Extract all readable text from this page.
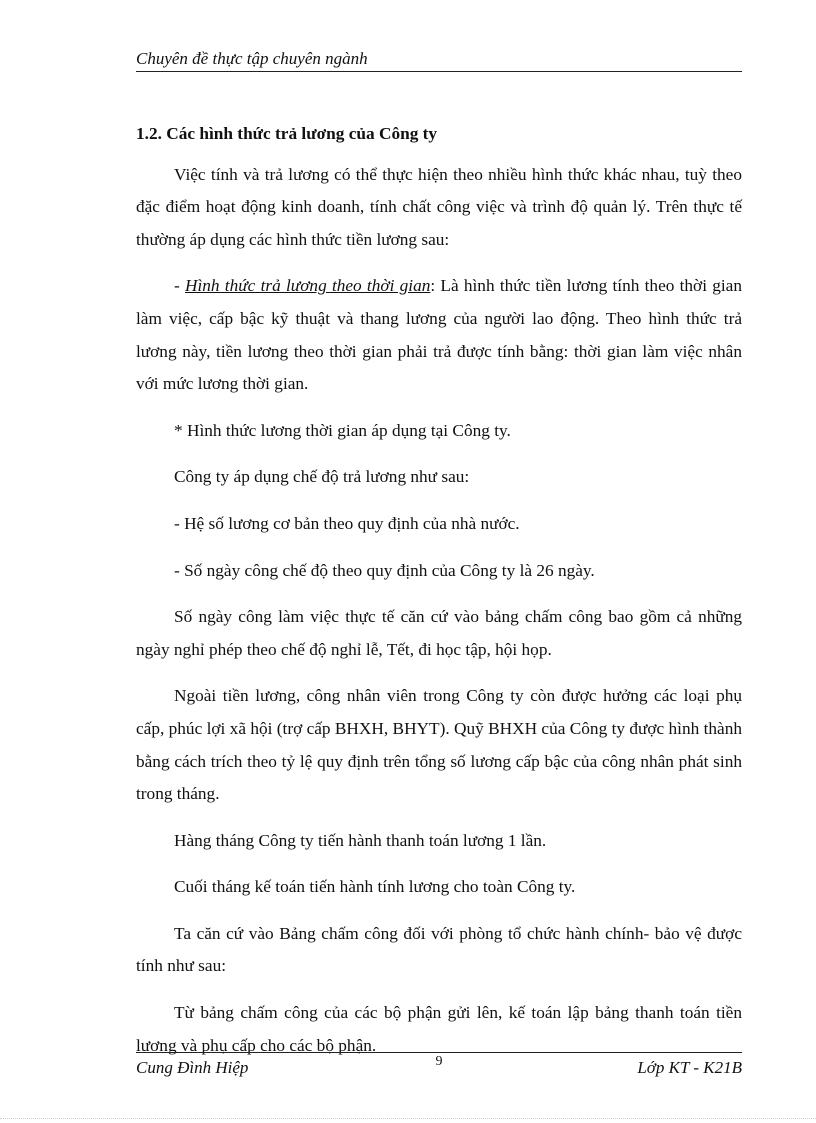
Chuyên đề thực tập chuyên ngành

1.2. Các hình thức trả lương của Công ty

Việc tính và trả lương có thể thực hiện theo nhiều hình thức khác nhau, tuỳ theo đặc điểm hoạt động kinh doanh, tính chất công việc và trình độ quản lý. Trên thực tế thường áp dụng các hình thức tiền lương sau:

- Hình thức trả lương theo thời gian: Là hình thức tiền lương tính theo thời gian làm việc, cấp bậc kỹ thuật và thang lương của người lao động. Theo hình thức trả lương này, tiền lương theo thời gian phải trả được tính bằng: thời gian làm việc nhân với mức lương thời gian.

* Hình thức lương thời gian áp dụng tại Công ty.

Công ty áp dụng chế độ trả lương như sau:

- Hệ số lương cơ bản theo quy định của nhà nước.

- Số ngày công chế độ theo quy định của Công ty là 26 ngày.

Số ngày công làm việc thực tế căn cứ vào bảng chấm công bao gồm cả những ngày nghỉ phép theo chế độ nghỉ lễ, Tết, đi học tập, hội họp.

Ngoài tiền lương, công nhân viên trong Công ty còn được hưởng các loại phụ cấp, phúc lợi xã hội (trợ cấp BHXH, BHYT). Quỹ BHXH của Công ty được hình thành bằng cách trích theo tỷ lệ quy định trên tổng số lương cấp bậc của công nhân phát sinh trong tháng.

Hàng tháng Công ty tiến hành thanh toán lương 1 lần.

Cuối tháng kế toán tiến hành tính lương cho toàn Công ty.

Ta căn cứ vào Bảng chấm công đối với phòng tổ chức hành chính- bảo vệ được tính như sau:

Từ bảng chấm công của các bộ phận gửi lên, kế toán lập bảng thanh toán tiền lương và phụ cấp cho các bộ phận.

Cung Đình Hiệp	9	Lớp KT - K21B
